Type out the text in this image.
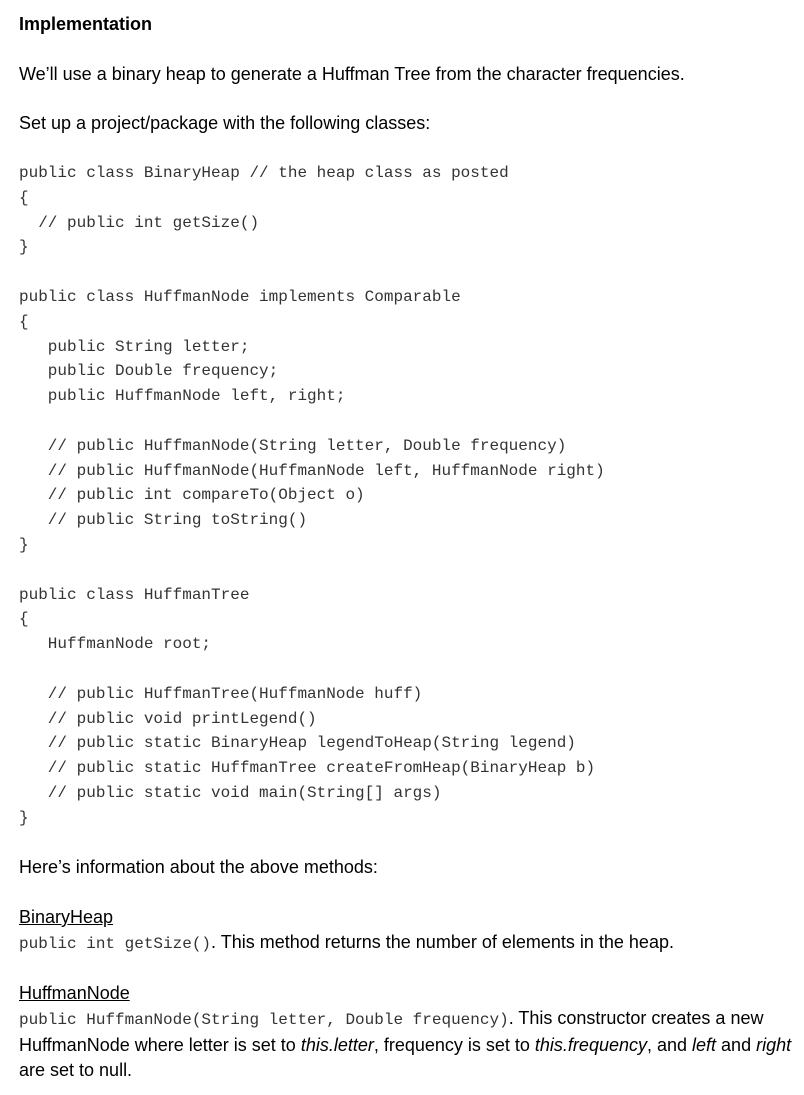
Implementation

We’ll use a binary heap to generate a Huffman Tree from the character frequencies.

Set up a project/package with the following classes:

public class BinaryHeap // the heap class as posted
{
// public int getSize()
}
public class HuffmanNode implements Comparable
{
public String letter;
public Double frequency;
public HuffmanNode left, right;
// public HuffmanNode(String letter, Double frequency)
// public HuffmanNode(HuffmanNode left, HuffmanNode right)
// public int compareTo(Object o)
// public String toString()
}
public class HuffmanTree
{
HuffmanNode root;
// public HuffmanTree(HuffmanNode huff)
// public void printLegend()
// public static BinaryHeap legendToHeap(String legend)
// public static HuffmanTree createFromHeap(BinaryHeap b)
// public static void main(String[] args)
}

Here’s information about the above methods:

BinaryHeap

public int getSize(). This method returns the number of elements in the heap.

HuffmanNode

public HuffmanNode(String letter, Double frequency). This constructor creates a new HuffmanNode where letter is set to this.letter, frequency is set to this.frequency, and left and right are set to null.
